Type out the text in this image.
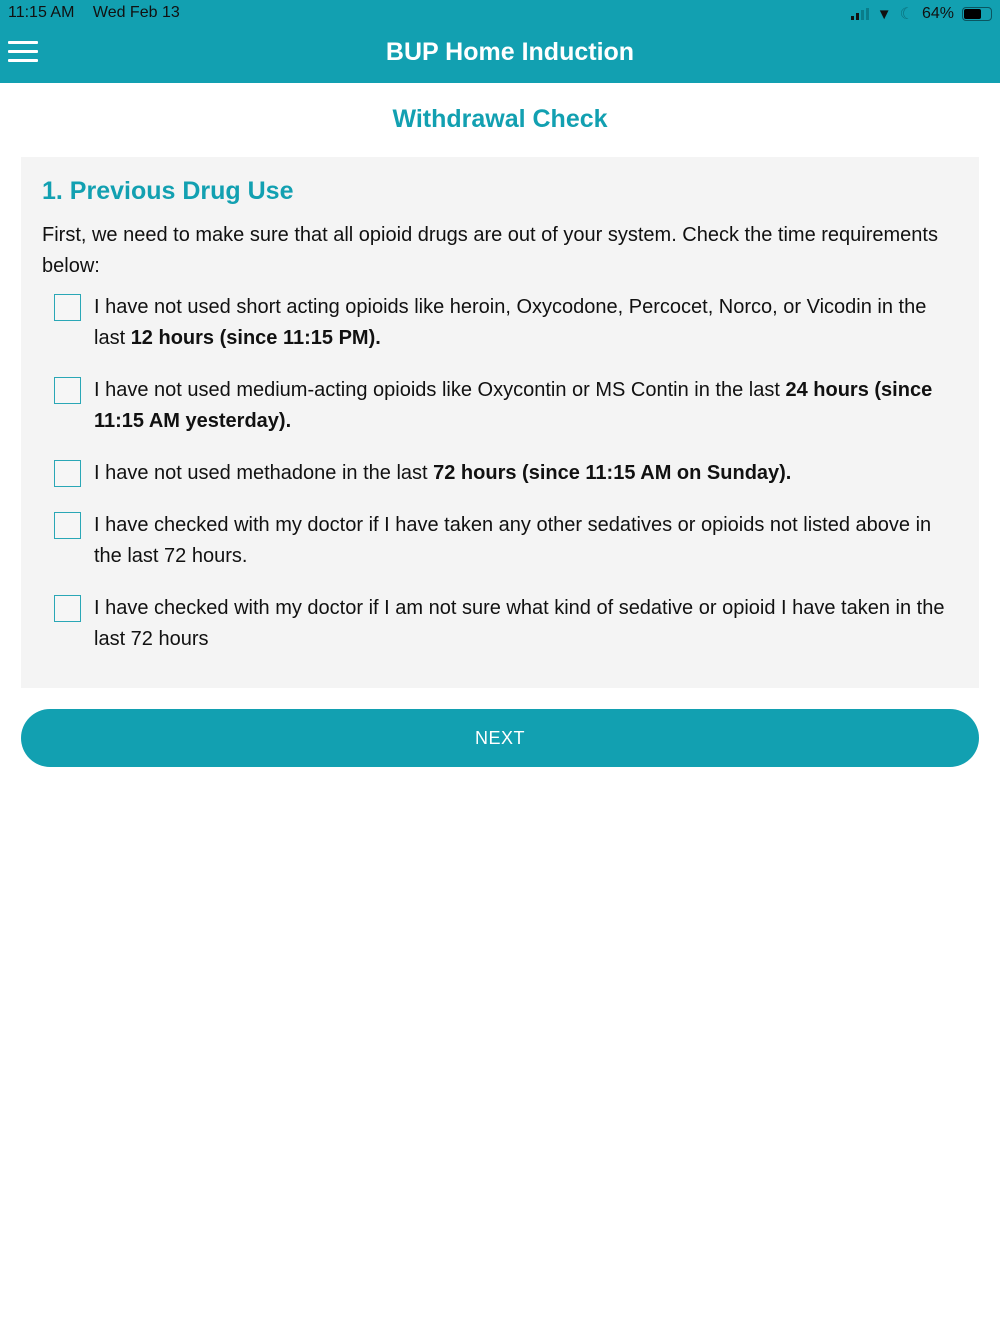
11:15 AM Wed Feb 13	▼ ☾ 64%
BUP Home Induction
Withdrawal Check
1. Previous Drug Use

First, we need to make sure that all opioid drugs are out of your system. Check the time requirements below:

I have not used short acting opioids like heroin, Oxycodone, Percocet, Norco, or Vicodin in the last 12 hours (since 11:15 PM).
I have not used medium-acting opioids like Oxycontin or MS Contin in the last 24 hours (since 11:15 AM yesterday).
I have not used methadone in the last 72 hours (since 11:15 AM on Sunday).
I have checked with my doctor if I have taken any other sedatives or opioids not listed above in the last 72 hours.
I have checked with my doctor if I am not sure what kind of sedative or opioid I have taken in the last 72 hours
NEXT
